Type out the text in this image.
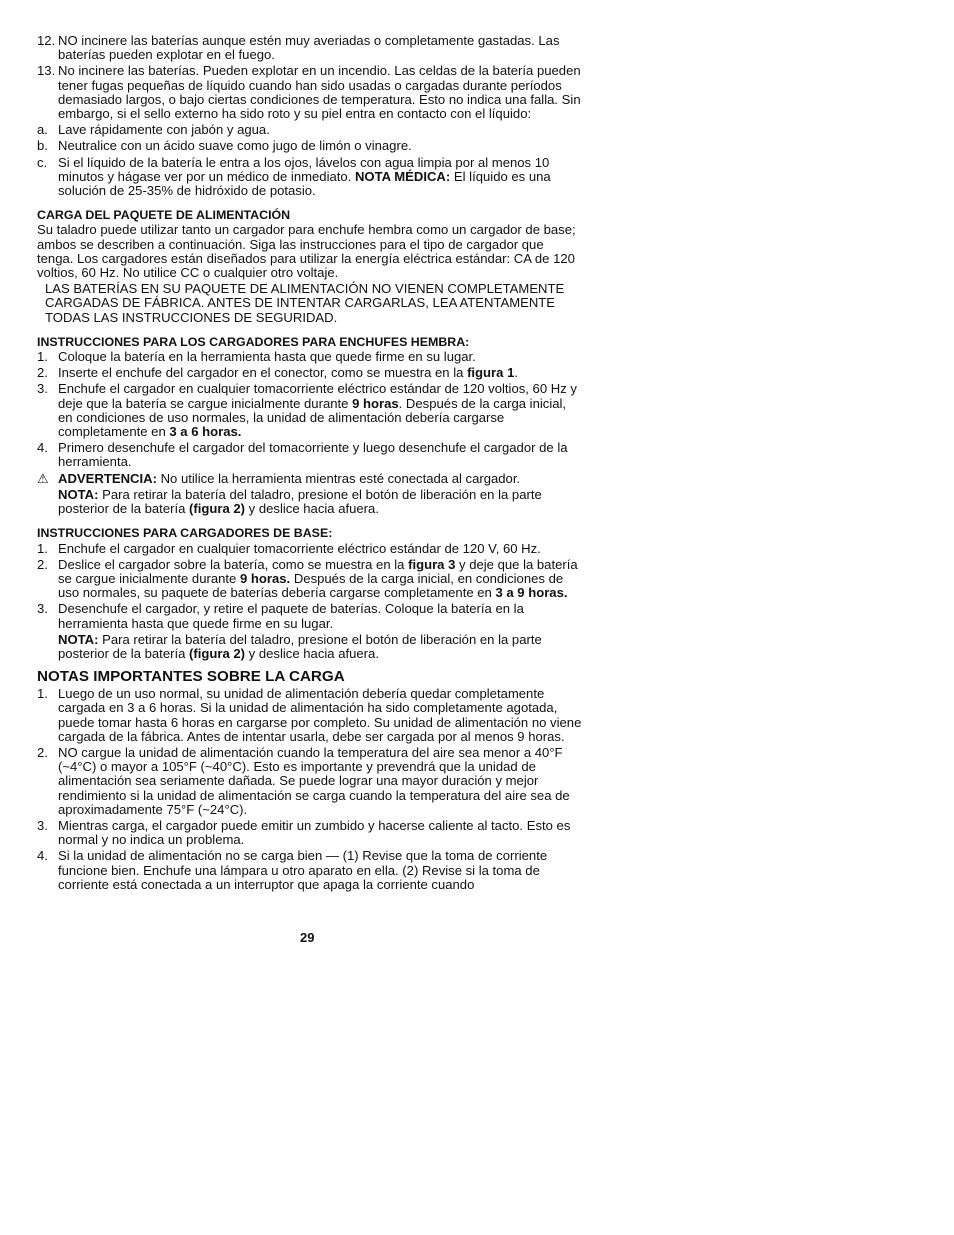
12. NO incinere las baterías aunque estén muy averiadas o completamente gastadas. Las baterías pueden explotar en el fuego.
13. No incinere las baterías. Pueden explotar en un incendio. Las celdas de la batería pueden tener fugas pequeñas de líquido cuando han sido usadas o cargadas durante períodos demasiado largos, o bajo ciertas condiciones de temperatura. Esto no indica una falla. Sin embargo, si el sello externo ha sido roto y su piel entra en contacto con el líquido:
a. Lave rápidamente con jabón y agua.
b. Neutralice con un ácido suave como jugo de limón o vinagre.
c. Si el líquido de la batería le entra a los ojos, lávelos con agua limpia por al menos 10 minutos y hágase ver por un médico de inmediato. NOTA MÉDICA: El líquido es una solución de 25-35% de hidróxido de potasio.
CARGA DEL PAQUETE DE ALIMENTACIÓN
Su taladro puede utilizar tanto un cargador para enchufe hembra como un cargador de base; ambos se describen a continuación. Siga las instrucciones para el tipo de cargador que tenga. Los cargadores están diseñados para utilizar la energía eléctrica estándar: CA de 120 voltios, 60 Hz. No utilice CC o cualquier otro voltaje.
LAS BATERÍAS EN SU PAQUETE DE ALIMENTACIÓN NO VIENEN COMPLETAMENTE CARGADAS DE FÁBRICA. ANTES DE INTENTAR CARGARLAS, LEA ATENTAMENTE TODAS LAS INSTRUCCIONES DE SEGURIDAD.
INSTRUCCIONES PARA LOS CARGADORES PARA ENCHUFES HEMBRA:
1. Coloque la batería en la herramienta hasta que quede firme en su lugar.
2. Inserte el enchufe del cargador en el conector, como se muestra en la figura 1.
3. Enchufe el cargador en cualquier tomacorriente eléctrico estándar de 120 voltios, 60 Hz y deje que la batería se cargue inicialmente durante 9 horas. Después de la carga inicial, en condiciones de uso normales, la unidad de alimentación debería cargarse completamente en 3 a 6 horas.
4. Primero desenchufe el cargador del tomacorriente y luego desenchufe el cargador de la herramienta.
⚠ ADVERTENCIA: No utilice la herramienta mientras esté conectada al cargador.
NOTA: Para retirar la batería del taladro, presione el botón de liberación en la parte posterior de la batería (figura 2) y deslice hacia afuera.
INSTRUCCIONES PARA CARGADORES DE BASE:
1. Enchufe el cargador en cualquier tomacorriente eléctrico estándar de 120 V, 60 Hz.
2. Deslice el cargador sobre la batería, como se muestra en la figura 3 y deje que la batería se cargue inicialmente durante 9 horas. Después de la carga inicial, en condiciones de uso normales, su paquete de baterías debería cargarse completamente en 3 a 9 horas.
3. Desenchufe el cargador, y retire el paquete de baterías. Coloque la batería en la herramienta hasta que quede firme en su lugar.
NOTA: Para retirar la batería del taladro, presione el botón de liberación en la parte posterior de la batería (figura 2) y deslice hacia afuera.
NOTAS IMPORTANTES SOBRE LA CARGA
1. Luego de un uso normal, su unidad de alimentación debería quedar completamente cargada en 3 a 6 horas. Si la unidad de alimentación ha sido completamente agotada, puede tomar hasta 6 horas en cargarse por completo. Su unidad de alimentación no viene cargada de la fábrica. Antes de intentar usarla, debe ser cargada por al menos 9 horas.
2. NO cargue la unidad de alimentación cuando la temperatura del aire sea menor a 40°F (~4°C) o mayor a 105°F (~40°C). Esto es importante y prevendrá que la unidad de alimentación sea seriamente dañada. Se puede lograr una mayor duración y mejor rendimiento si la unidad de alimentación se carga cuando la temperatura del aire sea de aproximadamente 75°F (~24°C).
3. Mientras carga, el cargador puede emitir un zumbido y hacerse caliente al tacto. Esto es normal y no indica un problema.
4. Si la unidad de alimentación no se carga bien — (1) Revise que la toma de corriente funcione bien. Enchufe una lámpara u otro aparato en ella. (2) Revise si la toma de corriente está conectada a un interruptor que apaga la corriente cuando
29
